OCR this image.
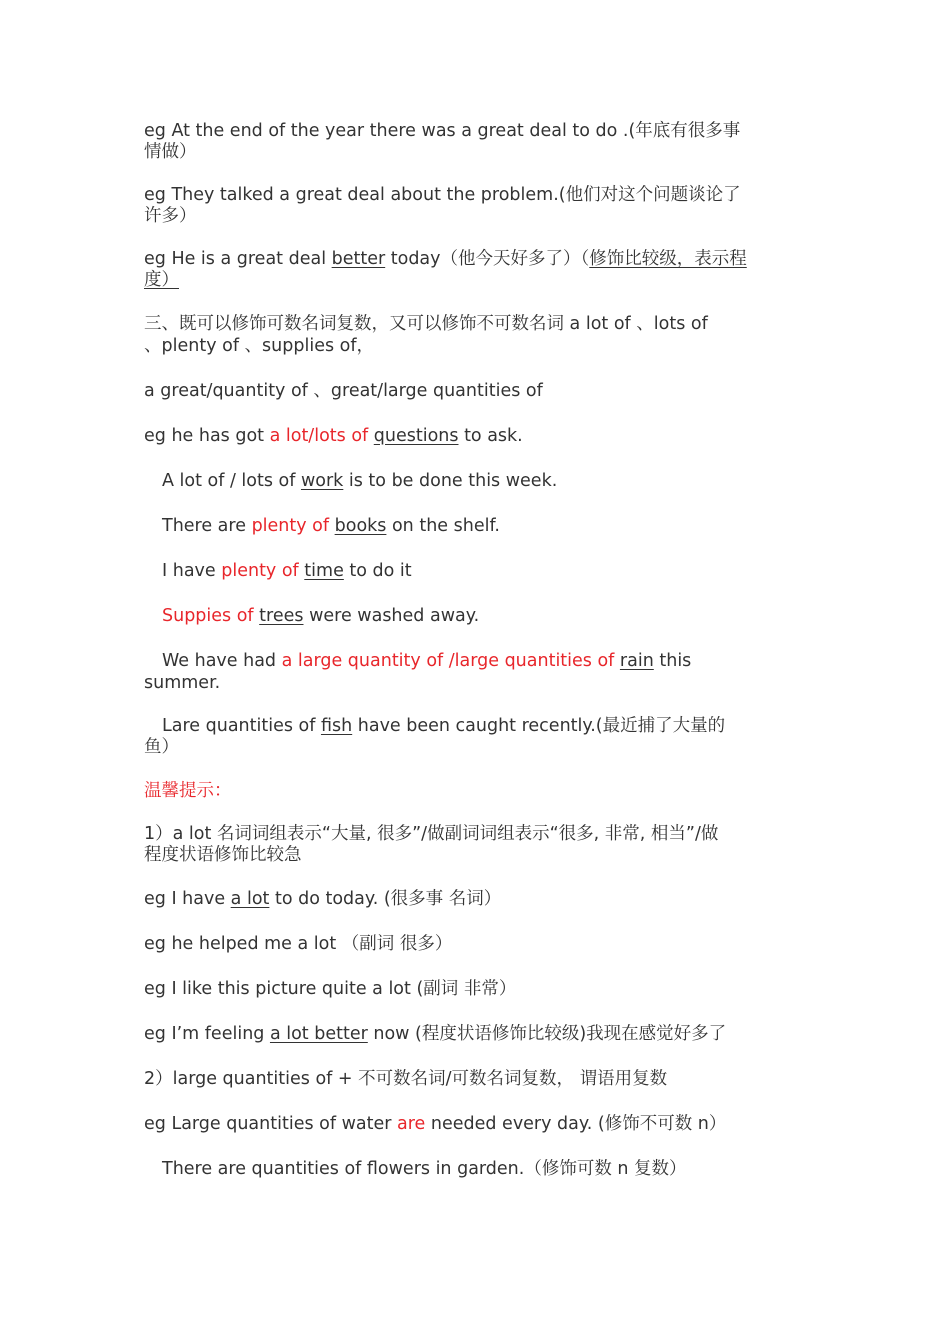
eg At the end of the year there was a great deal to do .(年底有很多事
情做）
eg They talked a great deal about the problem.(他们对这个问题谈论了
许多）
eg He is a great deal better today（他今天好多了）（修饰比较级，表示程
度）
三、既可以修饰可数名词复数，又可以修饰不可数名词 a lot of 、lots of
、plenty of 、supplies of，
a great/quantity of 、great/large quantities of
eg he has got a lot/lots of questions to ask.
A lot of / lots of work is to be done this week.
There are plenty of books on the shelf.
I have plenty of time to do it
Suppies of trees were washed away.
We have had a large quantity of /large quantities of rain this
summer.
Lare quantities of fish have been caught recently.(最近捕了大量的
鱼）
温馨提示：
1）a lot 名词词组表示“大量, 很多”/做副词词组表示“很多, 非常, 相当”/做
程度状语修饰比较急
eg I have a lot to do today. (很多事 名词）
eg he helped me a lot （副词 很多）
eg I like this picture quite a lot (副词 非常）
eg I’m feeling a lot better now (程度状语修饰比较级)我现在感觉好多了
2）large quantities of + 不可数名词/可数名词复数， 谓语用复数
eg Large quantities of water are needed every day. (修饰不可数 n）
There are quantities of flowers in garden.（修饰可数 n 复数）
